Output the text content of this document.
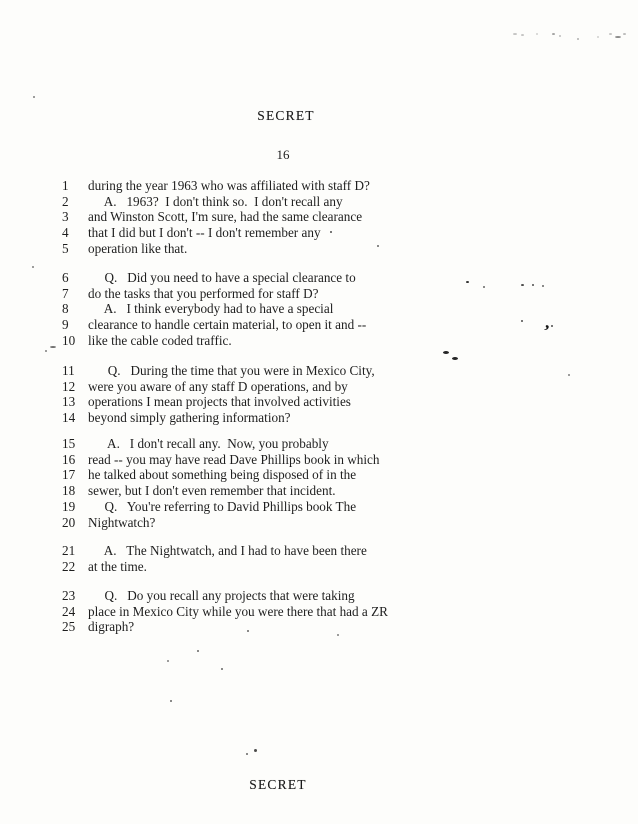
SECRET
16
1	during the year 1963 who was affiliated with staff D?
2	A.   1963?  I don't think so.  I don't recall any
3	and Winston Scott, I'm sure, had the same clearance
4	that I did but I don't -- I don't remember any
5	operation like that.
6	Q.   Did you need to have a special clearance to
7	do the tasks that you performed for staff D?
8	A.   I think everybody had to have a special
9	clearance to handle certain material, to open it and --
10 like the cable coded traffic.
11	Q.   During the time that you were in Mexico City,
12 were you aware of any staff D operations, and by
13 operations I mean projects that involved activities
14 beyond simply gathering information?
15 A.   I don't recall any.  Now, you probably
16 read -- you may have read Dave Phillips book in which
17 he talked about something being disposed of in the
18 sewer, but I don't even remember that incident.
19 Q.   You're referring to David Phillips book The
20 Nightwatch?
21 A.   The Nightwatch, and I had to have been there
22 at the time.
23 Q.   Do you recall any projects that were taking
24 place in Mexico City while you were there that had a ZR
25 digraph?
SECRET
’
